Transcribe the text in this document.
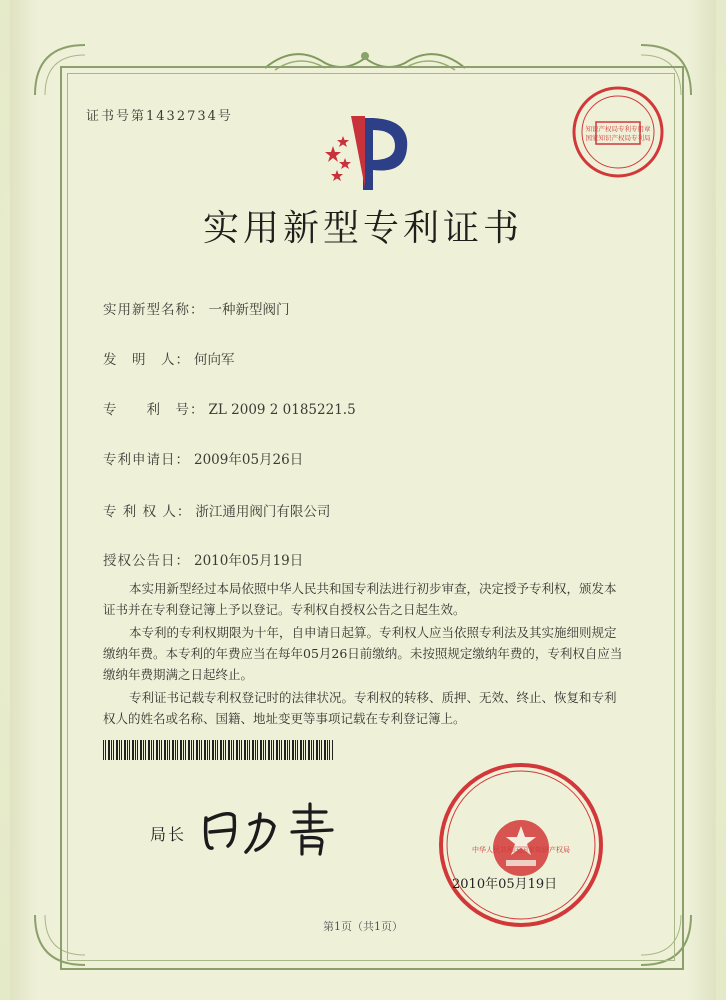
证书号第1432734号
知识产权局专利专用章
国家知识产权局专利局
实用新型专利证书
实用新型名称： 一种新型阀门
发　明　人： 何向军
专　　利　号： ZL 2009 2 0185221.5
专利申请日： 2009年05月26日
专 利 权 人： 浙江通用阀门有限公司
授权公告日： 2010年05月19日

本实用新型经过本局依照中华人民共和国专利法进行初步审查，决定授予专利权，颁发本证书并在专利登记簿上予以登记。专利权自授权公告之日起生效。

本专利的专利权期限为十年，自申请日起算。专利权人应当依照专利法及其实施细则规定缴纳年费。本专利的年费应当在每年05月26日前缴纳。未按照规定缴纳年费的，专利权自应当缴纳年费期满之日起终止。

专利证书记载专利权登记时的法律状况。专利权的转移、质押、无效、终止、恢复和专利权人的姓名或名称、国籍、地址变更等事项记载在专利登记簿上。

局长
中华人民共和国国家知识产权局
2010年05月19日
第1页（共1页）
